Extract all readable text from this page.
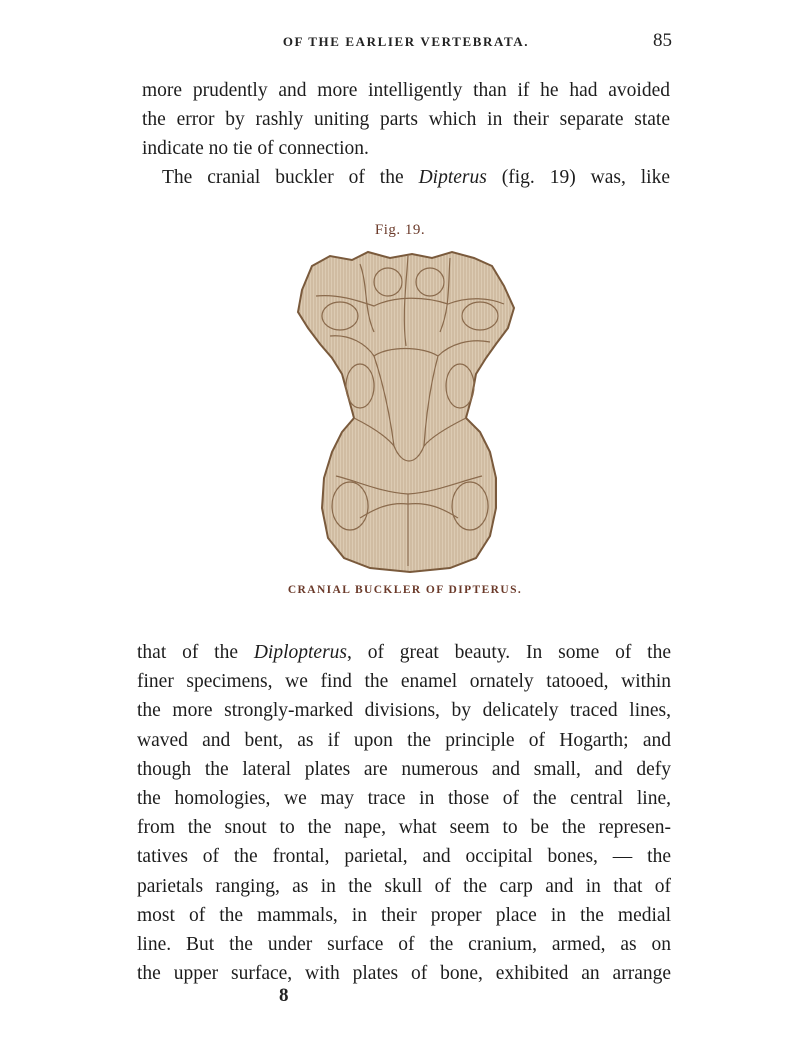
OF THE EARLIER VERTEBRATA.	85
more prudently and more intelligently than if he had avoided
the error by rashly uniting parts which in their separate state
indicate no tie of connection.
The cranial buckler of the Dipterus (fig. 19) was, like
Fig. 19.
CRANIAL BUCKLER OF DIPTERUS.
that of the Diplopterus, of great beauty. In some of the
finer specimens, we find the enamel ornately tatooed, within
the more strongly-marked divisions, by delicately traced lines,
waved and bent, as if upon the principle of Hogarth; and
though the lateral plates are numerous and small, and defy
the homologies, we may trace in those of the central line,
from the snout to the nape, what seem to be the represen-
tatives of the frontal, parietal, and occipital bones, — the
parietals ranging, as in the skull of the carp and in that of
most of the mammals, in their proper place in the medial
line. But the under surface of the cranium, armed, as on
the upper surface, with plates of bone, exhibited an arrange
8
